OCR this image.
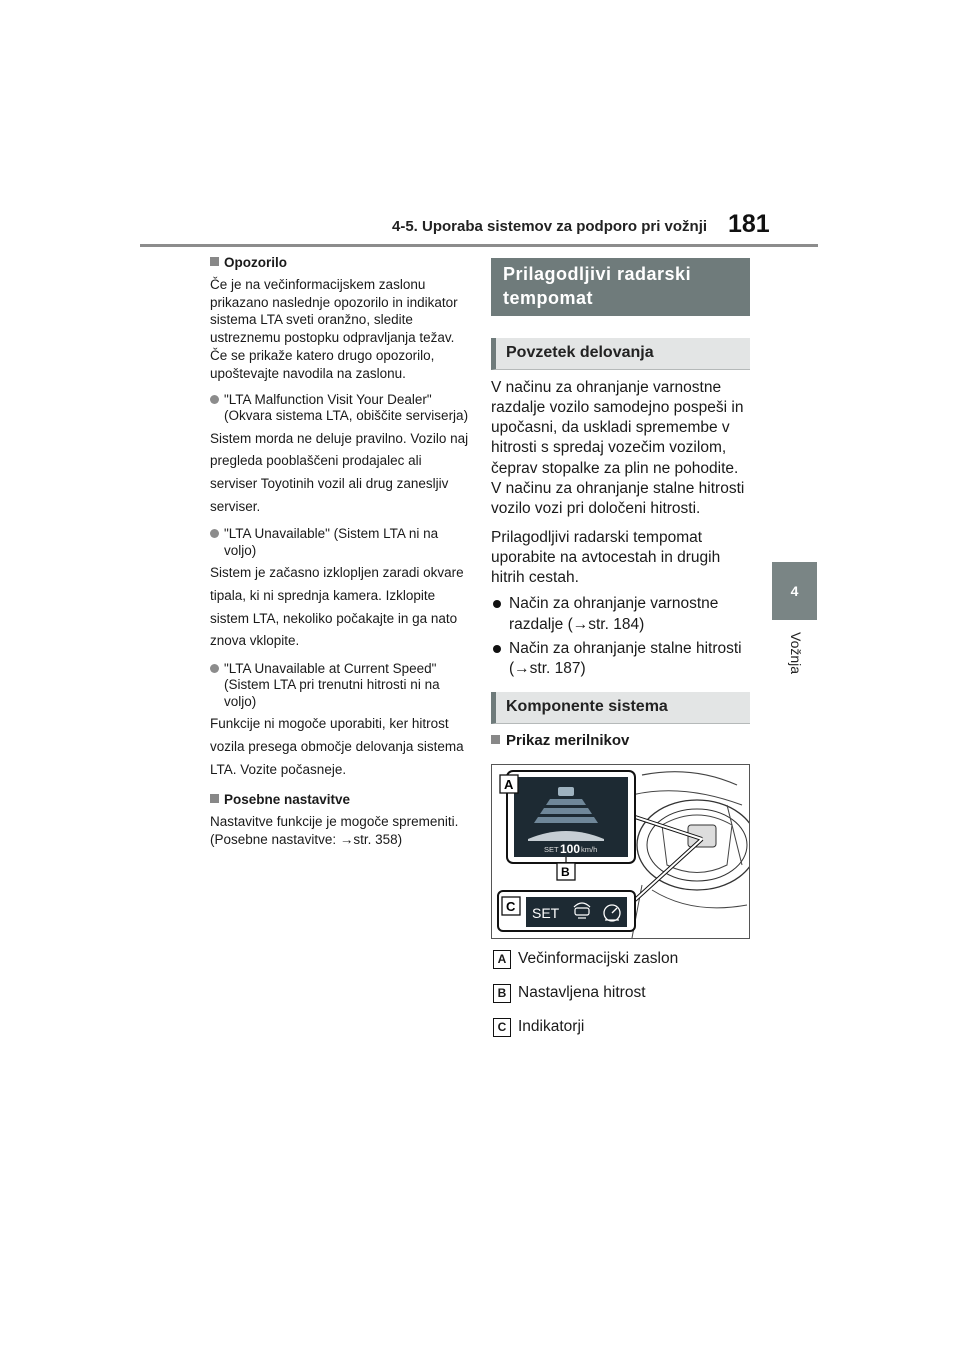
4-5. Uporaba sistemov za podporo pri vožnji 181
4
Vožnja
Opozorilo
Če je na večinformacijskem zaslonu prikazano naslednje opozorilo in indikator sistema LTA sveti oranžno, sledite ustreznemu postopku odpravljanja težav. Če se prikaže katero drugo opozorilo, upoštevajte navodila na zaslonu.
"LTA Malfunction Visit Your Dealer" (Okvara sistema LTA, obiščite serviserja)
Sistem morda ne deluje pravilno. Vozilo naj pregleda pooblaščeni prodajalec ali serviser Toyotinih vozil ali drug zanesljiv serviser.
"LTA Unavailable" (Sistem LTA ni na voljo)
Sistem je začasno izklopljen zaradi okvare tipala, ki ni sprednja kamera. Izklopite sistem LTA, nekoliko počakajte in ga nato znova vklopite.
"LTA Unavailable at Current Speed" (Sistem LTA pri trenutni hitrosti ni na voljo)
Funkcije ni mogoče uporabiti, ker hitrost vozila presega območje delovanja sistema LTA. Vozite počasneje.
Posebne nastavitve
Nastavitve funkcije je mogoče spremeniti.
(Posebne nastavitve: →str. 358)
Prilagodljivi radarski tempomat
Povzetek delovanja
V načinu za ohranjanje varnostne razdalje vozilo samodejno pospeši in upočasni, da uskladi spremembe v hitrosti s spredaj vozečim vozilom, čeprav stopalke za plin ne pohodite. V načinu za ohranjanje stalne hitrosti vozilo vozi pri določeni hitrosti.
Prilagodljivi radarski tempomat uporabite na avtocestah in drugih hitrih cestah.
Način za ohranjanje varnostne razdalje (→str. 184)
Način za ohranjanje stalne hitrosti (→str. 187)
Komponente sistema
Prikaz merilnikov
SET 100 km/h
A
B
C SET
A Večinformacijski zaslon
B Nastavljena hitrost
C Indikatorji
